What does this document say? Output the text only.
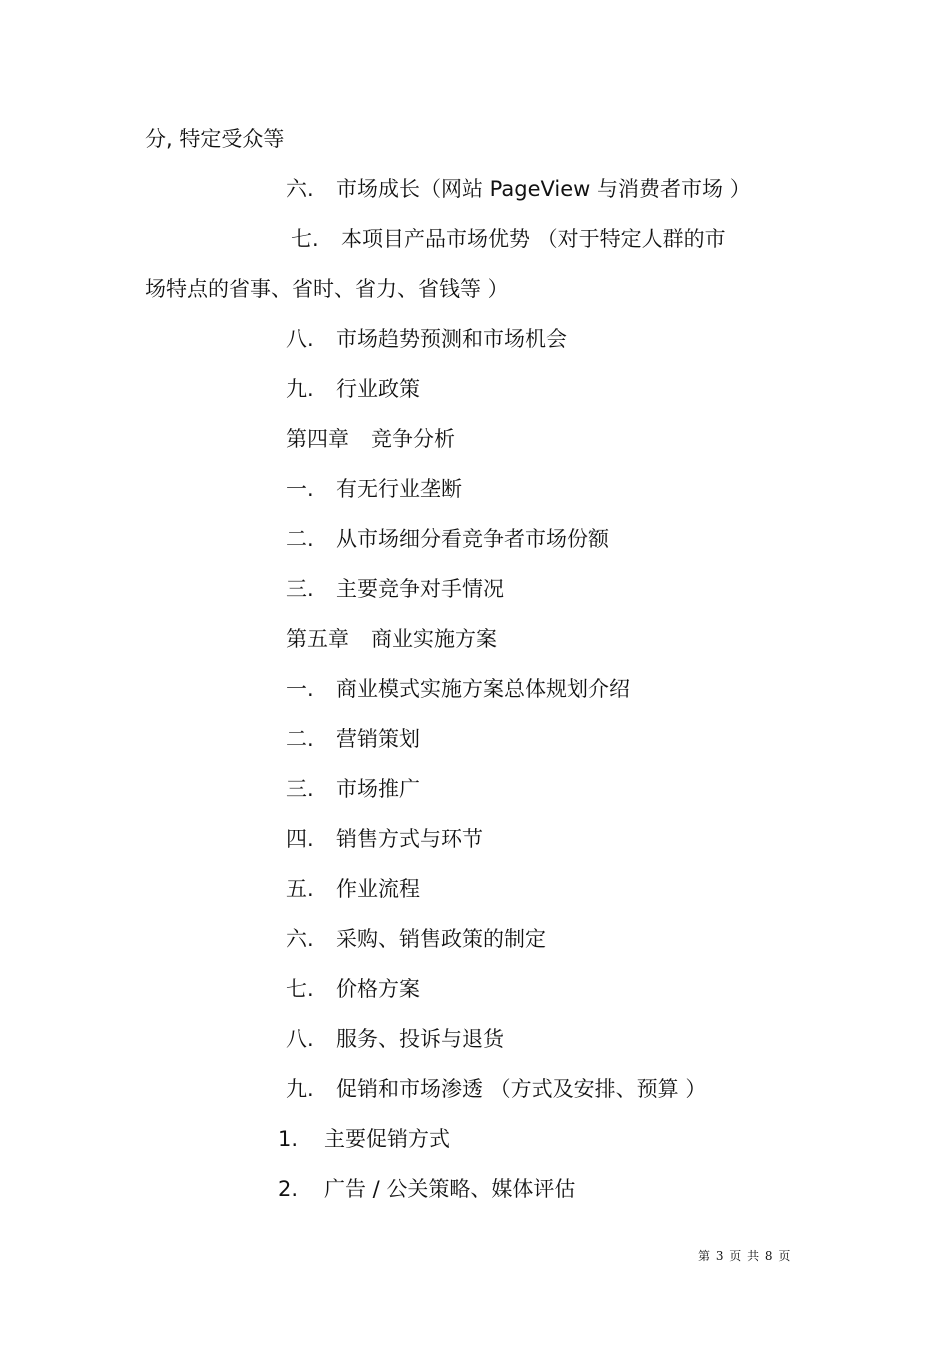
分, 特定受众等
六. 市场成长（网站 PageView 与消费者市场 ）
七. 本项目产品市场优势 （对于特定人群的市
场特点的省事、省时、省力、省钱等 ）
八. 市场趋势预测和市场机会
九. 行业政策
第四章 竞争分析
一. 有无行业垄断
二. 从市场细分看竞争者市场份额
三. 主要竞争对手情况
第五章 商业实施方案
一. 商业模式实施方案总体规划介绍
二. 营销策划
三. 市场推广
四. 销售方式与环节
五. 作业流程
六. 采购、销售政策的制定
七. 价格方案
八. 服务、投诉与退货
九. 促销和市场渗透 （方式及安排、预算 ）
1. 主要促销方式
2. 广告 / 公关策略、媒体评估
第 3 页 共 8 页
